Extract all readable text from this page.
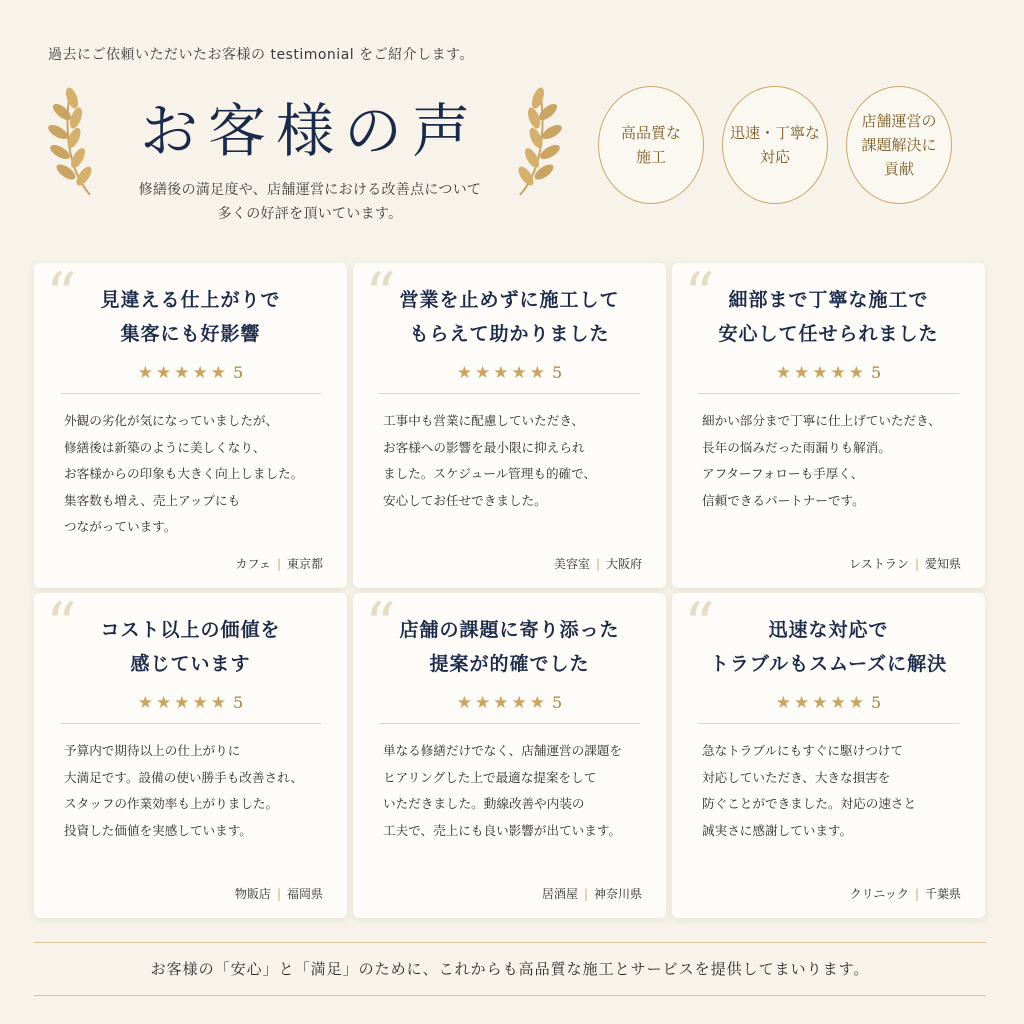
過去にご依頼いただいたお客様の testimonial をご紹介します。
お客様の声
修繕後の満足度や、店舗運営における改善点について
多くの好評を頂いています。
高品質な
施工
迅速・丁寧な
対応
店舗運営の
課題解決に
貢献
“	見違える仕上がりで
集客にも好影響
★★★★★ 5
外観の劣化が気になっていましたが、
修繕後は新築のように美しくなり、
お客様からの印象も大きく向上しました。
集客数も増え、売上アップにも
つながっています。
カフェ | 東京都
“ 営業を止めずに施工して
もらえて助かりました
★★★★★ 5
工事中も営業に配慮していただき、
お客様への影響を最小限に抑えられ
ました。スケジュール管理も的確で、
安心してお任せできました。
美容室 | 大阪府
“ 細部まで丁寧な施工で
安心して任せられました
★★★★★ 5
細かい部分まで丁寧に仕上げていただき、
長年の悩みだった雨漏りも解消。
アフターフォローも手厚く、
信頼できるパートナーです。
レストラン | 愛知県
“	コスト以上の価値を
感じています
★★★★★ 5
予算内で期待以上の仕上がりに
大満足です。設備の使い勝手も改善され、
スタッフの作業効率も上がりました。
投資した価値を実感しています。
物販店 | 福岡県
“ 店舗の課題に寄り添った
提案が的確でした
★★★★★ 5
単なる修繕だけでなく、店舗運営の課題を
ヒアリングした上で最適な提案をして
いただきました。動線改善や内装の
工夫で、売上にも良い影響が出ています。
居酒屋 | 神奈川県
“	迅速な対応で
トラブルもスムーズに解決
★★★★★ 5
急なトラブルにもすぐに駆けつけて
対応していただき、大きな損害を
防ぐことができました。対応の速さと
誠実さに感謝しています。
クリニック | 千葉県
お客様の「安心」と「満足」のために、これからも高品質な施工とサービスを提供してまいります。
